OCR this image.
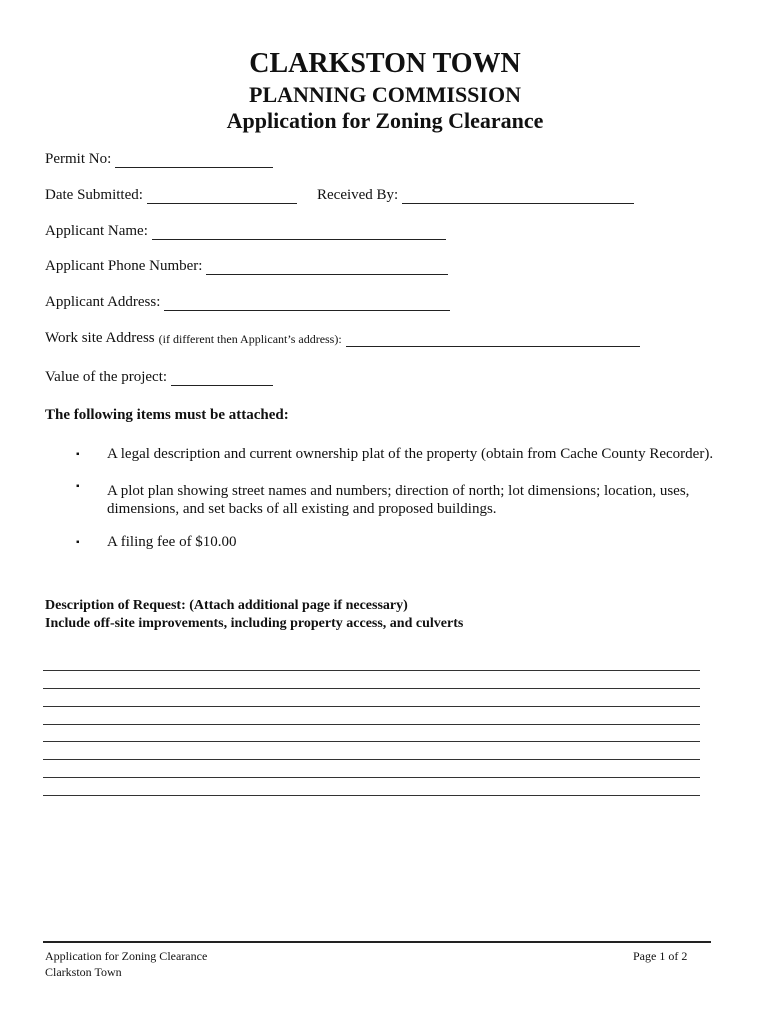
CLARKSTON TOWN
PLANNING COMMISSION
Application for Zoning Clearance
Permit No:
Date Submitted:	Received By:
Applicant Name:
Applicant Phone Number:
Applicant Address:
Work site Address (if different then Applicant’s address):
Value of the project:
The following items must be attached:
▪ A legal description and current ownership plat of the property (obtain from Cache County Recorder).
▪ A plot plan showing street names and numbers; direction of north; lot dimensions; location, uses, dimensions, and set backs of all existing and proposed buildings.
▪ A filing fee of $10.00
Description of Request: (Attach additional page if necessary)
Include off-site improvements, including property access, and culverts
Application for Zoning Clearance
Clarkston Town
Page 1 of 2
